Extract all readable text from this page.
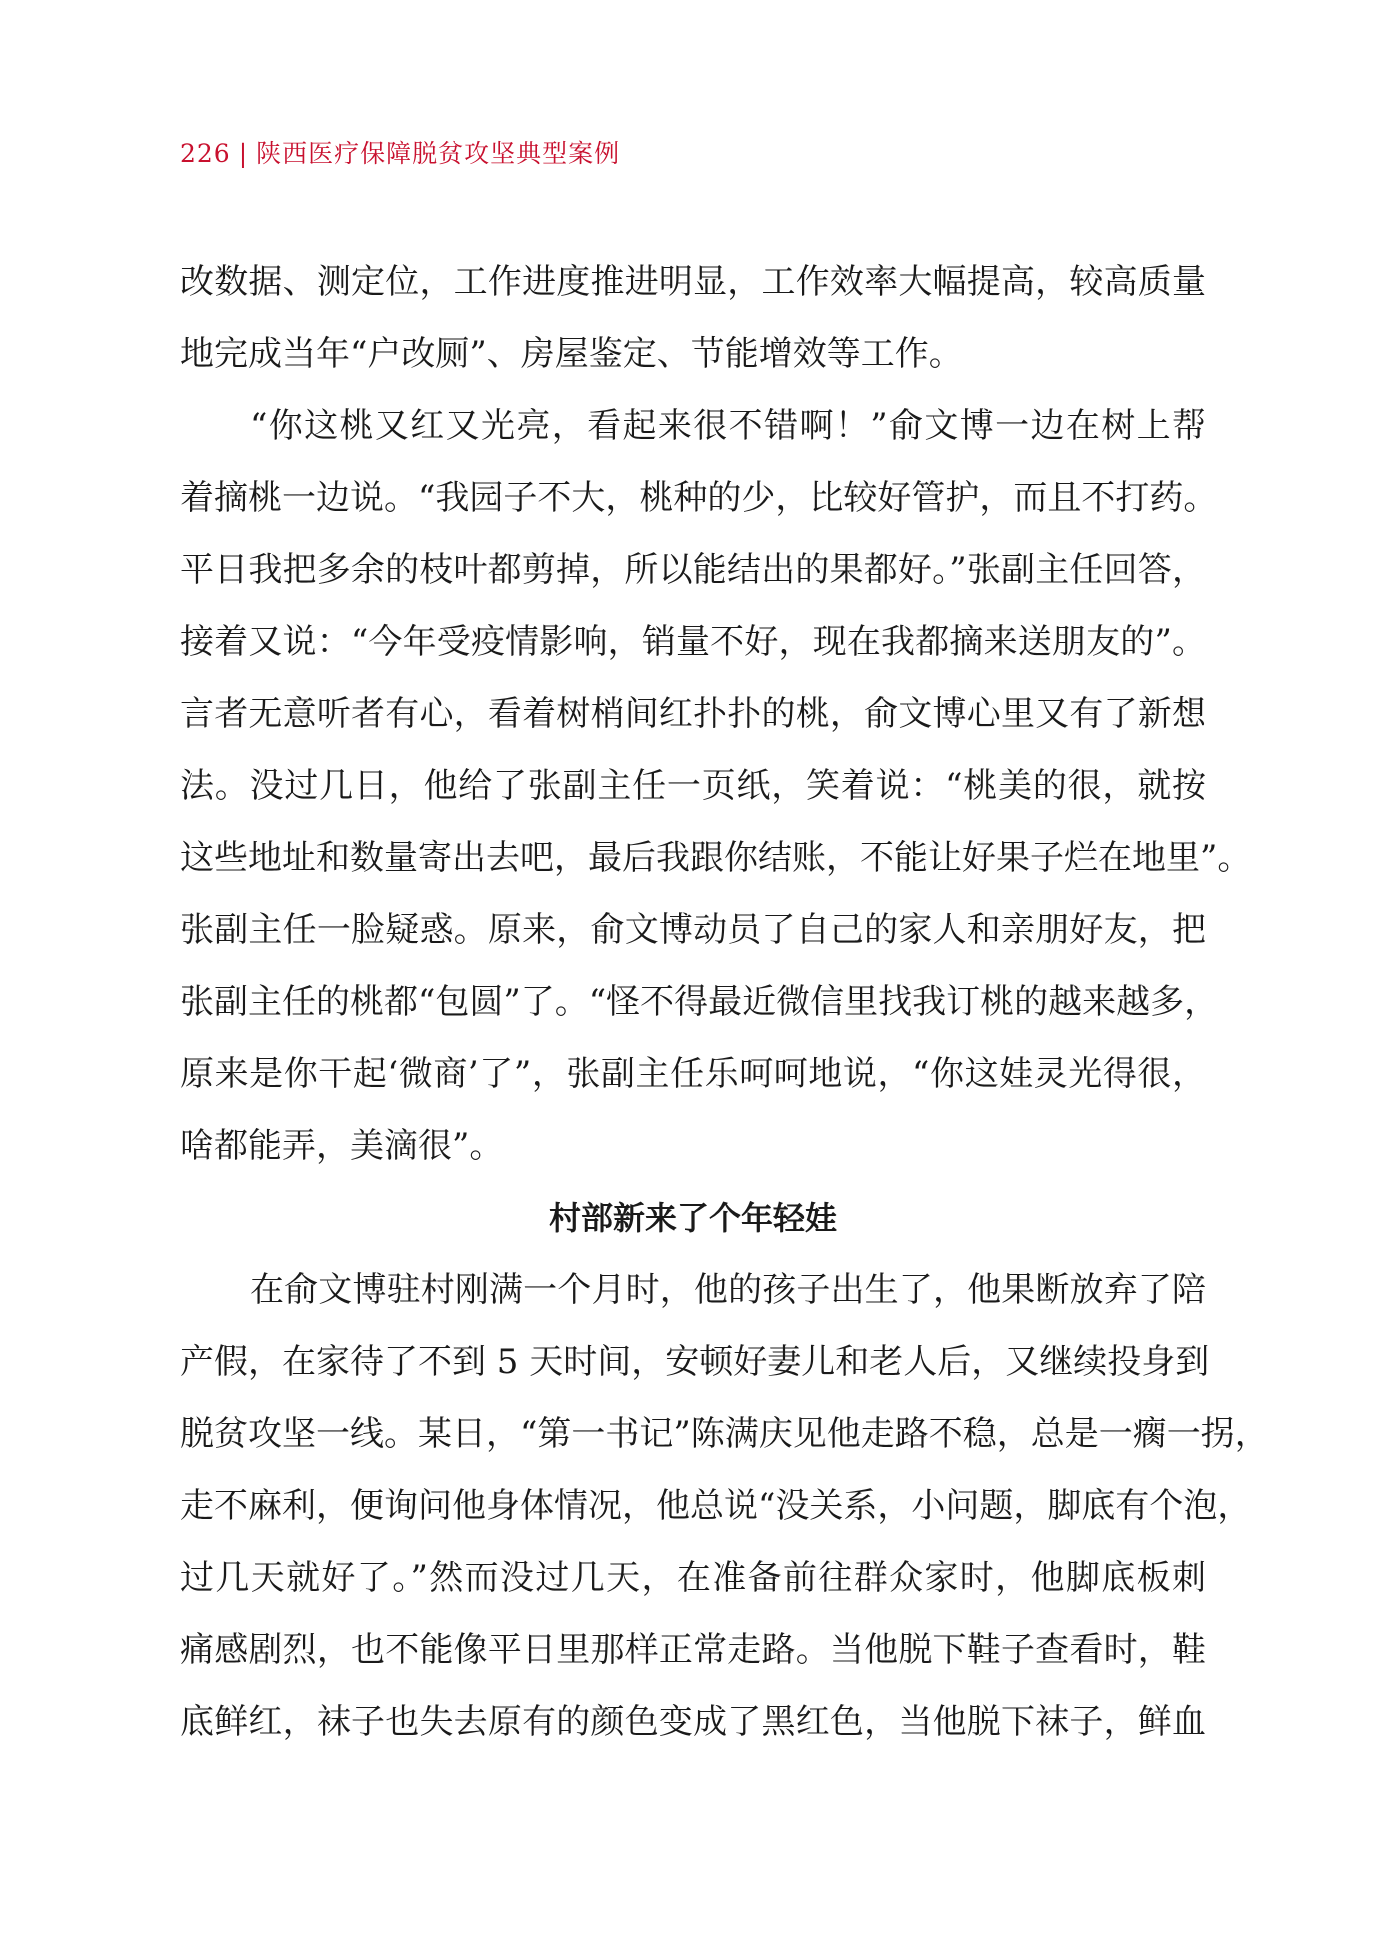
226 | 陕西医疗保障脱贫攻坚典型案例
改数据、测定位，工作进度推进明显，工作效率大幅提高，较高质量
地完成当年“户改厕”、房屋鉴定、节能增效等工作。
“你这桃又红又光亮，看起来很不错啊！”俞文博一边在树上帮
着摘桃一边说。“我园子不大，桃种的少，比较好管护，而且不打药。
平日我把多余的枝叶都剪掉，所以能结出的果都好。”张副主任回答，
接着又说：“今年受疫情影响，销量不好，现在我都摘来送朋友的”。
言者无意听者有心，看着树梢间红扑扑的桃，俞文博心里又有了新想
法。没过几日，他给了张副主任一页纸，笑着说：“桃美的很，就按
这些地址和数量寄出去吧，最后我跟你结账，不能让好果子烂在地里”。
张副主任一脸疑惑。原来，俞文博动员了自己的家人和亲朋好友，把
张副主任的桃都“包圆”了。“怪不得最近微信里找我订桃的越来越多，
原来是你干起‘微商’了”，张副主任乐呵呵地说，“你这娃灵光得很，
啥都能弄，美滴很”。
村部新来了个年轻娃
在俞文博驻村刚满一个月时，他的孩子出生了，他果断放弃了陪
产假，在家待了不到 5 天时间，安顿好妻儿和老人后，又继续投身到
脱贫攻坚一线。某日，“第一书记”陈满庆见他走路不稳，总是一瘸一拐，
走不麻利，便询问他身体情况，他总说“没关系，小问题，脚底有个泡，
过几天就好了。”然而没过几天，在准备前往群众家时，他脚底板刺
痛感剧烈，也不能像平日里那样正常走路。当他脱下鞋子查看时，鞋
底鲜红，袜子也失去原有的颜色变成了黑红色，当他脱下袜子，鲜血
